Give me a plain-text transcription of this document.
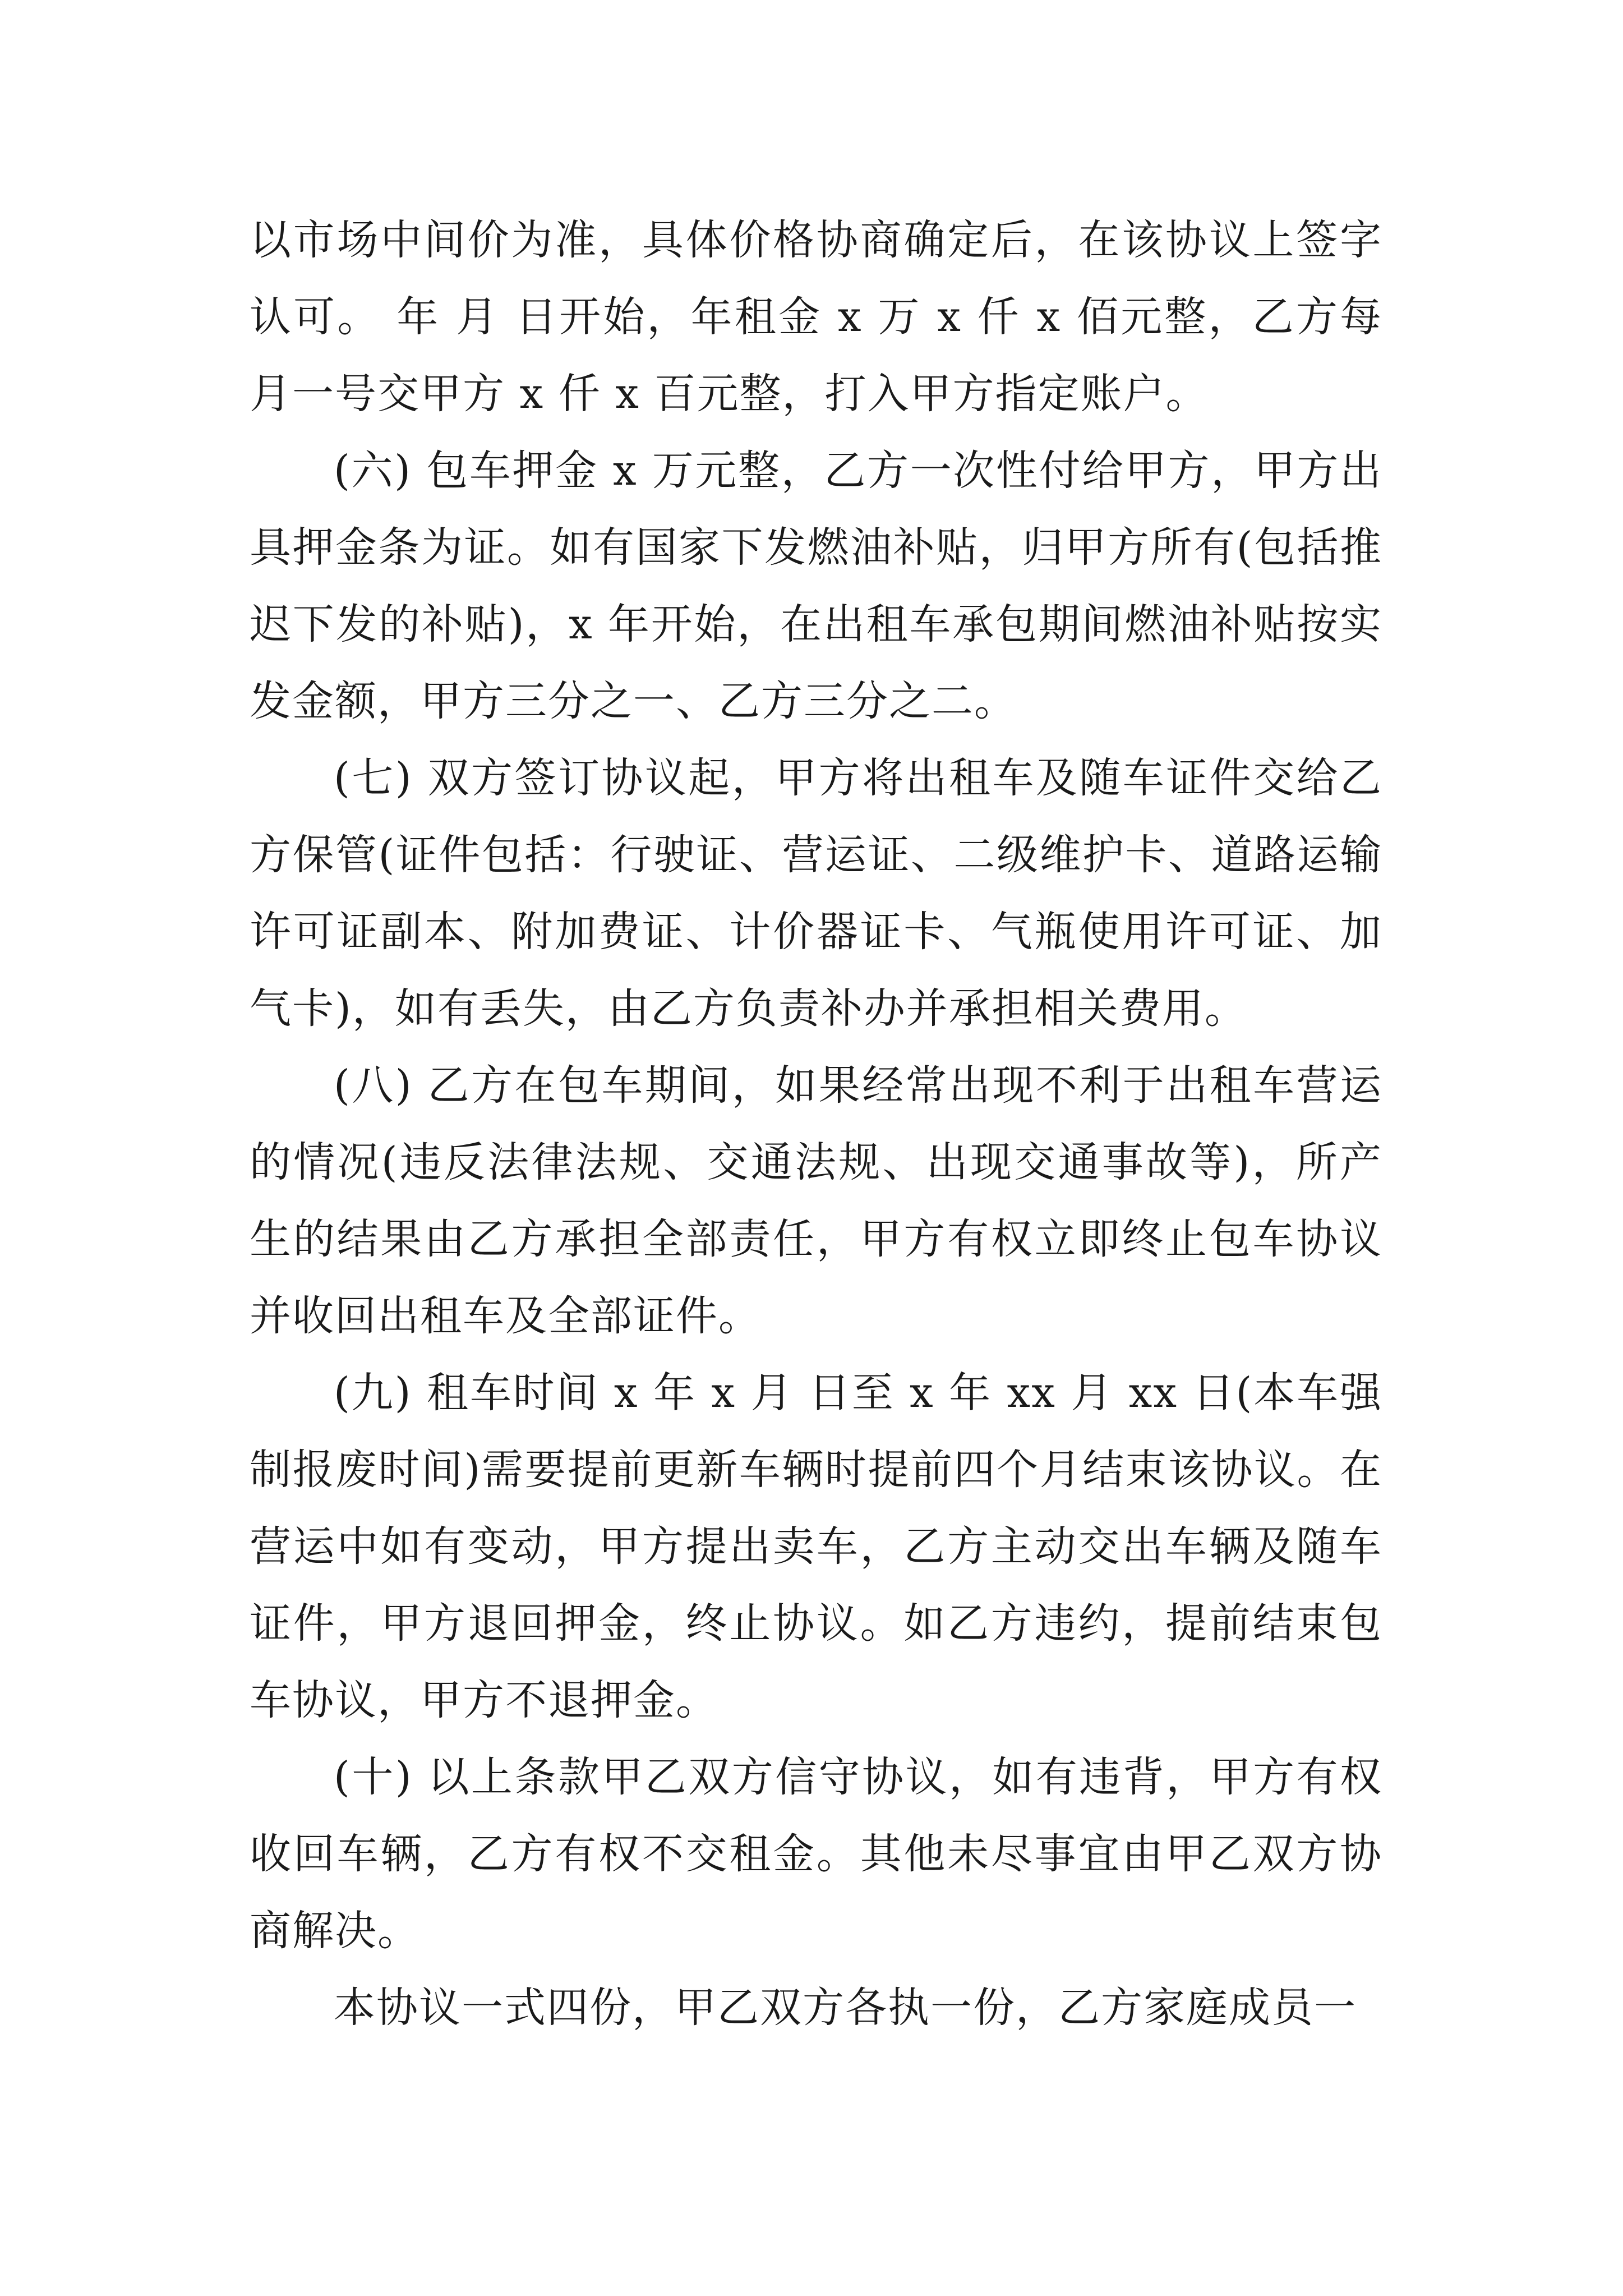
以市场中间价为准，具体价格协商确定后，在该协议上签字认可。 年 月 日开始，年租金 x 万 x 仟 x 佰元整，乙方每月一号交甲方 x 仟 x 百元整，打入甲方指定账户。

(六) 包车押金 x 万元整，乙方一次性付给甲方，甲方出具押金条为证。如有国家下发燃油补贴，归甲方所有(包括推迟下发的补贴)，x 年开始，在出租车承包期间燃油补贴按实发金额，甲方三分之一、乙方三分之二。

(七) 双方签订协议起，甲方将出租车及随车证件交给乙方保管(证件包括：行驶证、营运证、二级维护卡、道路运输许可证副本、附加费证、计价器证卡、气瓶使用许可证、加气卡)，如有丢失，由乙方负责补办并承担相关费用。

(八) 乙方在包车期间，如果经常出现不利于出租车营运的情况(违反法律法规、交通法规、出现交通事故等)，所产生的结果由乙方承担全部责任，甲方有权立即终止包车协议并收回出租车及全部证件。

(九) 租车时间 x 年 x 月 日至 x 年 xx 月 xx 日(本车强制报废时间)需要提前更新车辆时提前四个月结束该协议。在营运中如有变动，甲方提出卖车，乙方主动交出车辆及随车证件，甲方退回押金，终止协议。如乙方违约，提前结束包车协议，甲方不退押金。

(十) 以上条款甲乙双方信守协议，如有违背，甲方有权收回车辆，乙方有权不交租金。其他未尽事宜由甲乙双方协商解决。

本协议一式四份，甲乙双方各执一份，乙方家庭成员一
